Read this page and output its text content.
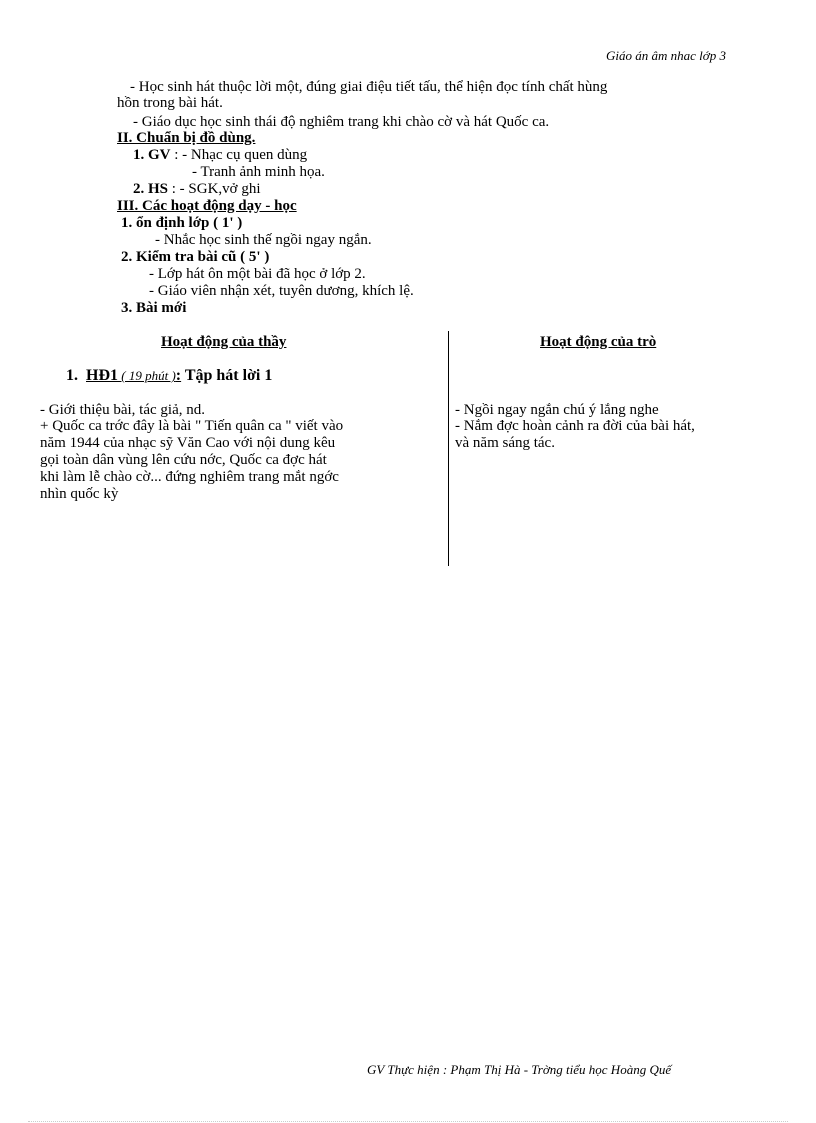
Giáo án âm nhac lớp 3
- Học sinh hát thuộc lời một, đúng giai điệu tiết tấu, thể hiện đọc tính chất hùng
hồn trong bài hát.
- Giáo dục học sinh thái độ nghiêm trang khi chào cờ và hát Quốc ca.
II. Chuẩn bị đồ dùng.
1. GV : - Nhạc cụ quen dùng
- Tranh ảnh minh họa.
2. HS : - SGK,vở ghi
III. Các hoạt động dạy - học
1. ổn định lớp ( 1' )
- Nhắc học sinh thế ngồi ngay ngắn.
2. Kiểm tra bài cũ ( 5' )
- Lớp hát ôn một bài đã học ở lớp 2.
- Giáo viên nhận xét, tuyên dương, khích lệ.
3. Bài mới
Hoạt động của thầy	Hoạt động của trò
1. HĐ1 ( 19 phút ): Tập hát lời 1
- Giới thiệu bài, tác giả, nd.
+ Quốc ca trớc đây là bài " Tiến quân ca " viết vào
năm 1944 của nhạc sỹ Văn Cao với nội dung kêu
gọi toàn dân vùng lên cứu nớc, Quốc ca đợc hát
khi làm lễ chào cờ... đứng nghiêm trang mắt ngớc
nhìn quốc kỳ
- Ngồi ngay ngắn chú ý lắng nghe
- Nắm đợc hoàn cảnh ra đời của bài hát,
và năm sáng tác.
GV Thực hiện : Phạm Thị Hà - Trờng tiểu học Hoàng Quế
